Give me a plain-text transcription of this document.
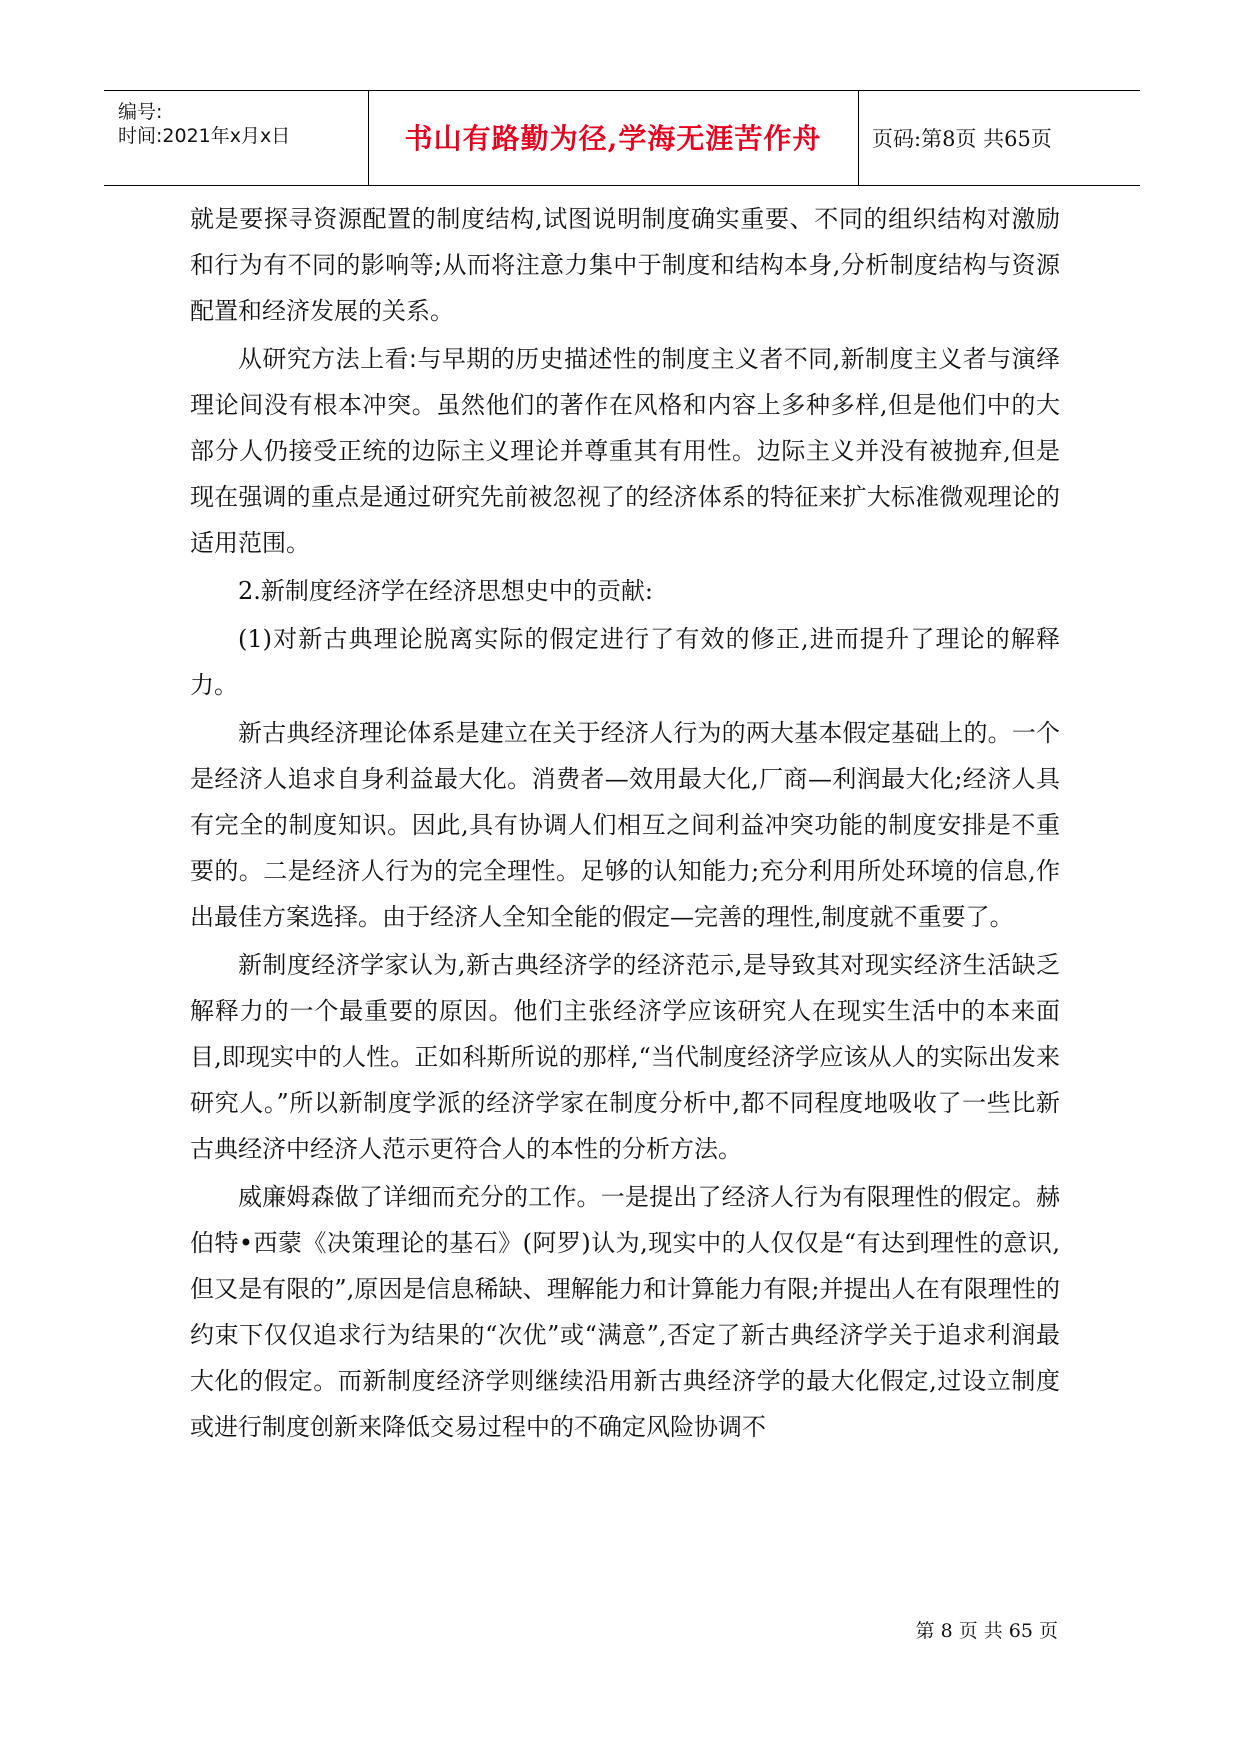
编号:
时间:2021年x月x日	书山有路勤为径,学海无涯苦作舟	页码:第8页 共65页

就是要探寻资源配置的制度结构,试图说明制度确实重要、不同的组织结构对激励和行为有不同的影响等;从而将注意力集中于制度和结构本身,分析制度结构与资源配置和经济发展的关系。

从研究方法上看:与早期的历史描述性的制度主义者不同,新制度主义者与演绎理论间没有根本冲突。虽然他们的著作在风格和内容上多种多样,但是他们中的大部分人仍接受正统的边际主义理论并尊重其有用性。边际主义并没有被抛弃,但是现在强调的重点是通过研究先前被忽视了的经济体系的特征来扩大标准微观理论的适用范围。

2.新制度经济学在经济思想史中的贡献:

(1)对新古典理论脱离实际的假定进行了有效的修正,进而提升了理论的解释力。

新古典经济理论体系是建立在关于经济人行为的两大基本假定基础上的。一个是经济人追求自身利益最大化。消费者—效用最大化,厂商—利润最大化;经济人具有完全的制度知识。因此,具有协调人们相互之间利益冲突功能的制度安排是不重要的。二是经济人行为的完全理性。足够的认知能力;充分利用所处环境的信息,作出最佳方案选择。由于经济人全知全能的假定—完善的理性,制度就不重要了。

新制度经济学家认为,新古典经济学的经济范示,是导致其对现实经济生活缺乏解释力的一个最重要的原因。他们主张经济学应该研究人在现实生活中的本来面目,即现实中的人性。正如科斯所说的那样,“当代制度经济学应该从人的实际出发来研究人。”所以新制度学派的经济学家在制度分析中,都不同程度地吸收了一些比新古典经济中经济人范示更符合人的本性的分析方法。

威廉姆森做了详细而充分的工作。一是提出了经济人行为有限理性的假定。赫伯特•西蒙《决策理论的基石》(阿罗)认为,现实中的人仅仅是“有达到理性的意识,但又是有限的”,原因是信息稀缺、理解能力和计算能力有限;并提出人在有限理性的约束下仅仅追求行为结果的“次优”或“满意”,否定了新古典经济学关于追求利润最大化的假定。而新制度经济学则继续沿用新古典经济学的最大化假定,过设立制度或进行制度创新来降低交易过程中的不确定风险协调不

第 8 页 共 65 页
